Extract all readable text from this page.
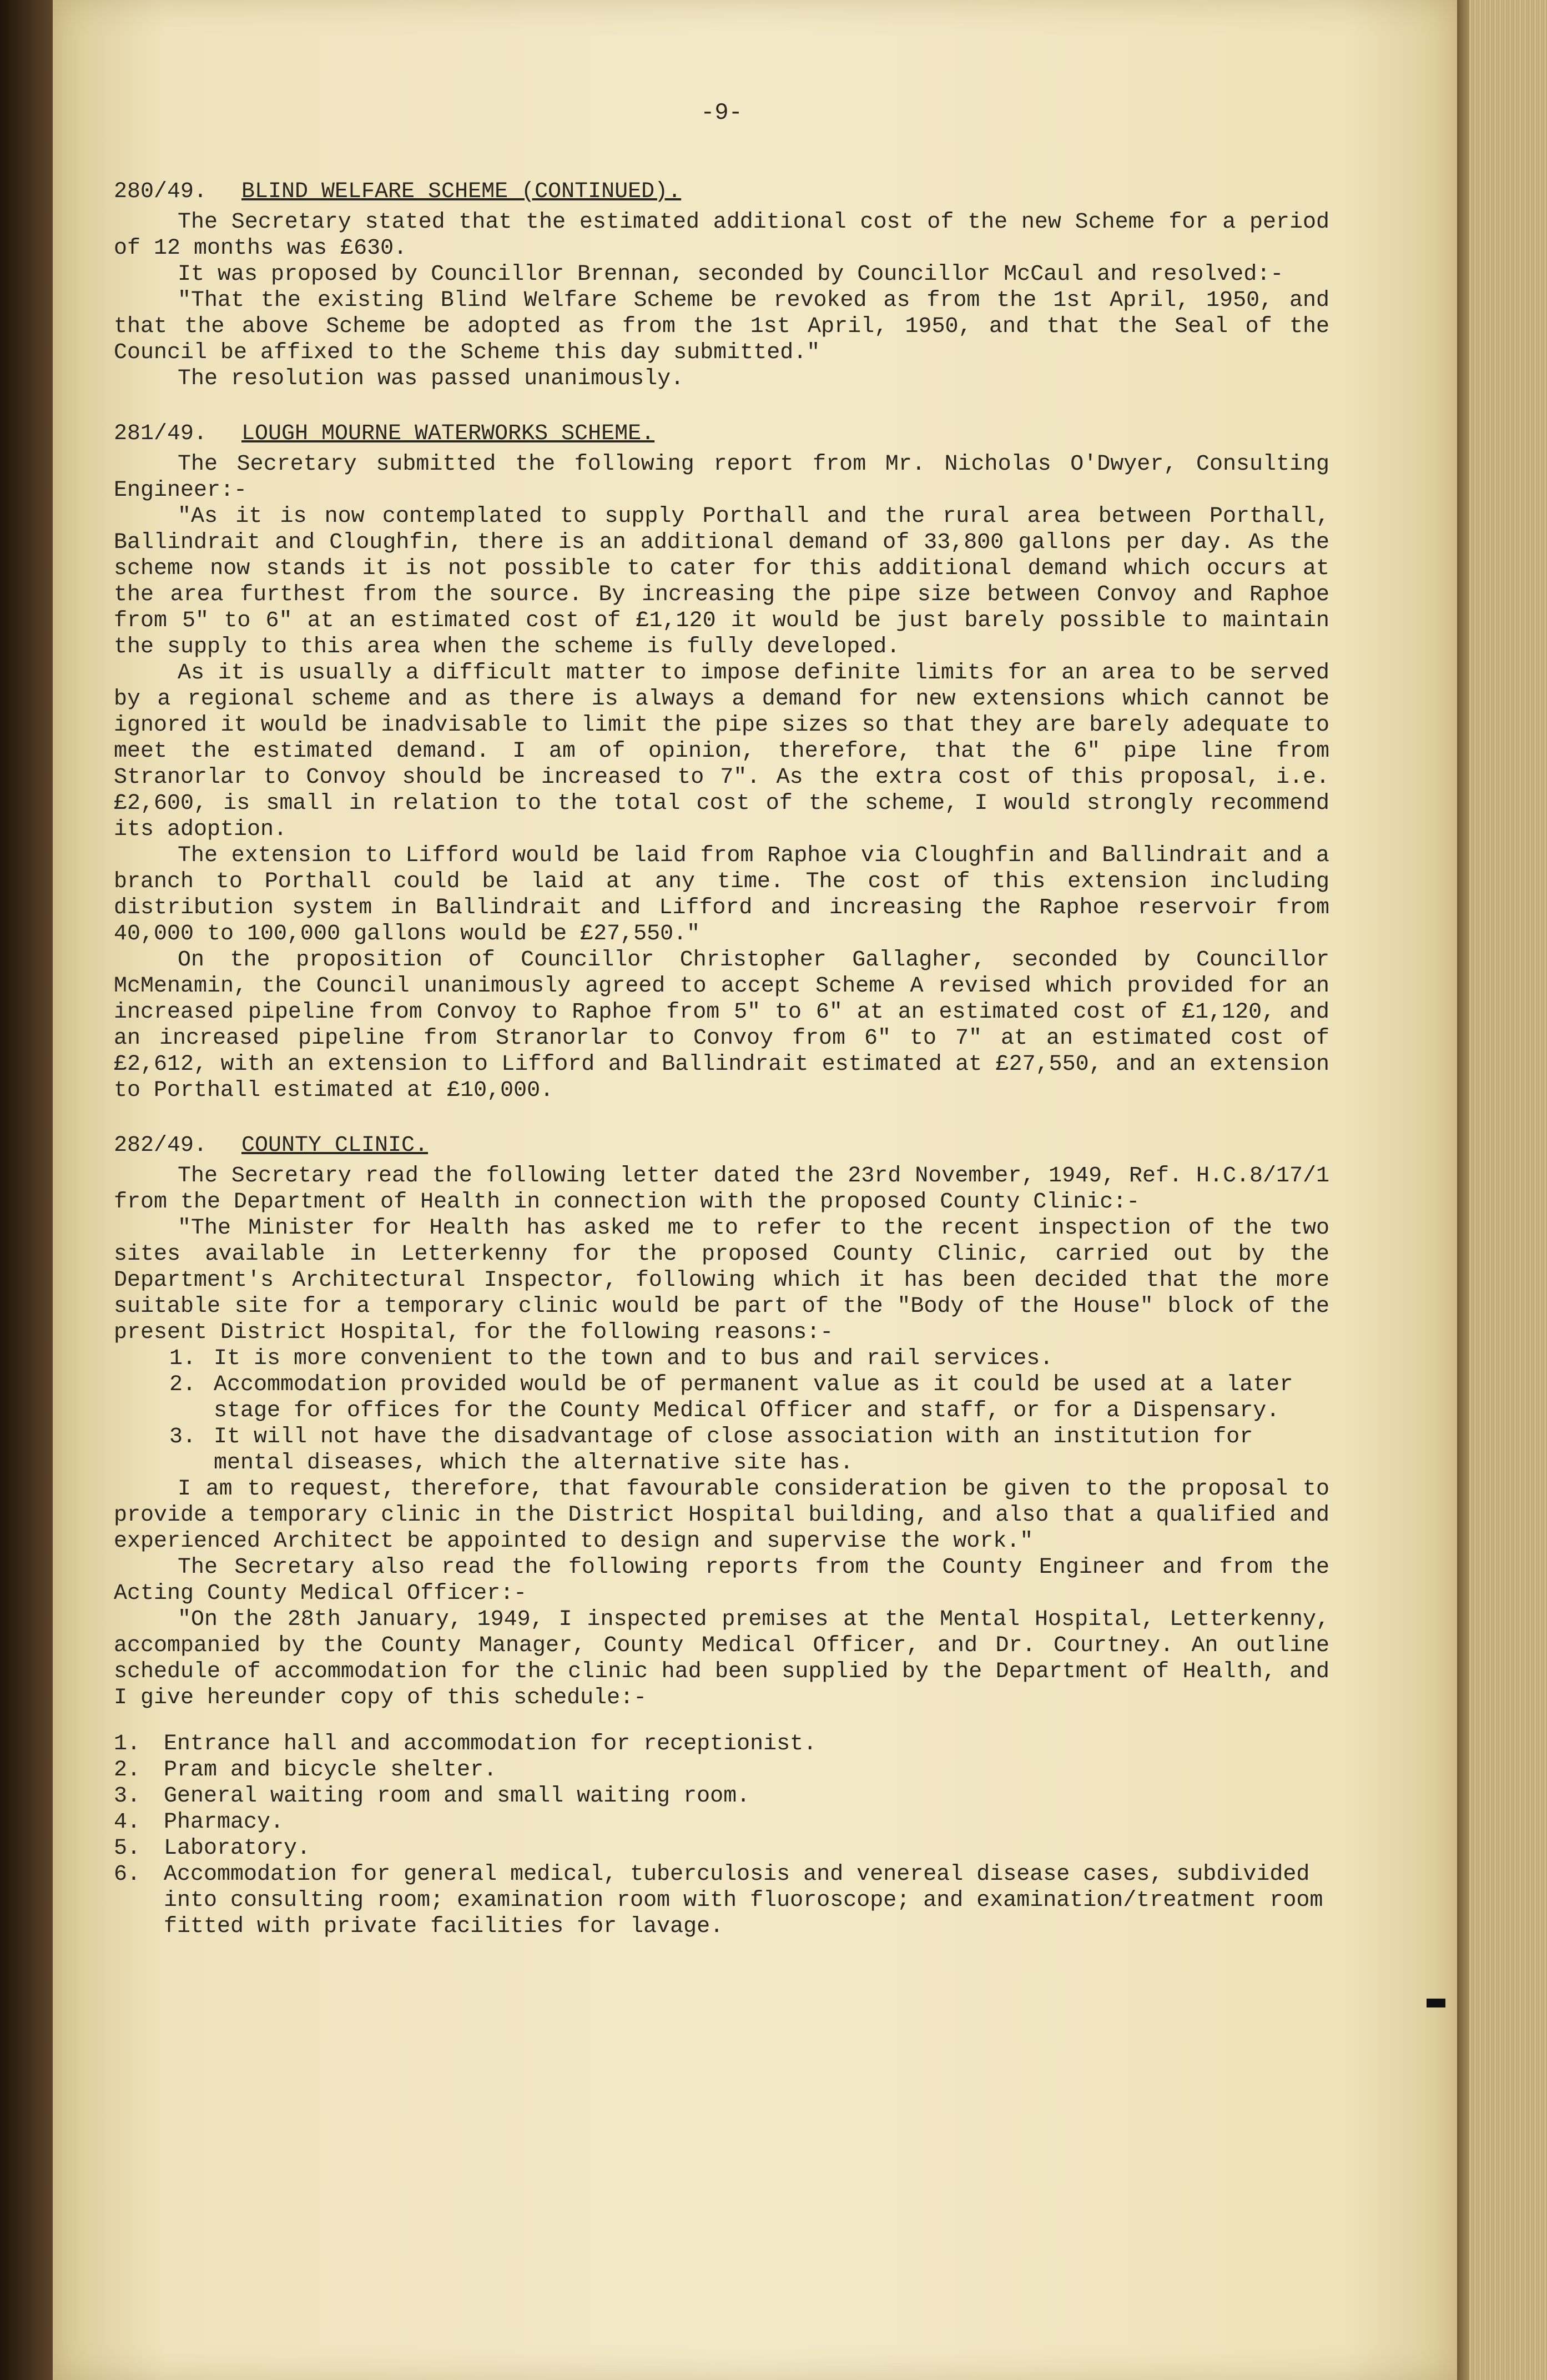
-9-
280/49. BLIND WELFARE SCHEME (CONTINUED).

The Secretary stated that the estimated additional cost of the new Scheme for a period of 12 months was £630.

It was proposed by Councillor Brennan, seconded by Councillor McCaul and resolved:-

"That the existing Blind Welfare Scheme be revoked as from the 1st April, 1950, and that the above Scheme be adopted as from the 1st April, 1950, and that the Seal of the Council be affixed to the Scheme this day submitted."

The resolution was passed unanimously.

281/49. LOUGH MOURNE WATERWORKS SCHEME.

The Secretary submitted the following report from Mr. Nicholas O'Dwyer, Consulting Engineer:-

"As it is now contemplated to supply Porthall and the rural area between Porthall, Ballindrait and Cloughfin, there is an additional demand of 33,800 gallons per day. As the scheme now stands it is not possible to cater for this additional demand which occurs at the area furthest from the source. By increasing the pipe size between Convoy and Raphoe from 5" to 6" at an estimated cost of £1,120 it would be just barely possible to maintain the supply to this area when the scheme is fully developed.

As it is usually a difficult matter to impose definite limits for an area to be served by a regional scheme and as there is always a demand for new extensions which cannot be ignored it would be inadvisable to limit the pipe sizes so that they are barely adequate to meet the estimated demand. I am of opinion, therefore, that the 6" pipe line from Stranorlar to Convoy should be increased to 7". As the extra cost of this proposal, i.e. £2,600, is small in relation to the total cost of the scheme, I would strongly recommend its adoption.

The extension to Lifford would be laid from Raphoe via Cloughfin and Ballindrait and a branch to Porthall could be laid at any time. The cost of this extension including distribution system in Ballindrait and Lifford and increasing the Raphoe reservoir from 40,000 to 100,000 gallons would be £27,550."

On the proposition of Councillor Christopher Gallagher, seconded by Councillor McMenamin, the Council unanimously agreed to accept Scheme A revised which provided for an increased pipeline from Convoy to Raphoe from 5" to 6" at an estimated cost of £1,120, and an increased pipeline from Stranorlar to Convoy from 6" to 7" at an estimated cost of £2,612, with an extension to Lifford and Ballindrait estimated at £27,550, and an extension to Porthall estimated at £10,000.

282/49. COUNTY CLINIC.

The Secretary read the following letter dated the 23rd November, 1949, Ref. H.C.8/17/1 from the Department of Health in connection with the proposed County Clinic:-

"The Minister for Health has asked me to refer to the recent inspection of the two sites available in Letterkenny for the proposed County Clinic, carried out by the Department's Architectural Inspector, following which it has been decided that the more suitable site for a temporary clinic would be part of the "Body of the House" block of the present District Hospital, for the following reasons:-

1. It is more convenient to the town and to bus and rail services.
2. Accommodation provided would be of permanent value as it could be used at a later stage for offices for the County Medical Officer and staff, or for a Dispensary.
3. It will not have the disadvantage of close association with an institution for mental diseases, which the alternative site has.

I am to request, therefore, that favourable consideration be given to the proposal to provide a temporary clinic in the District Hospital building, and also that a qualified and experienced Architect be appointed to design and supervise the work."

The Secretary also read the following reports from the County Engineer and from the Acting County Medical Officer:-

"On the 28th January, 1949, I inspected premises at the Mental Hospital, Letterkenny, accompanied by the County Manager, County Medical Officer, and Dr. Courtney. An outline schedule of accommodation for the clinic had been supplied by the Department of Health, and I give hereunder copy of this schedule:-

1. Entrance hall and accommodation for receptionist.
2. Pram and bicycle shelter.
3. General waiting room and small waiting room.
4. Pharmacy.
5. Laboratory.
6. Accommodation for general medical, tuberculosis and venereal disease cases, subdivided into consulting room; examination room with fluoroscope; and examination/treatment room fitted with private facilities for lavage.
